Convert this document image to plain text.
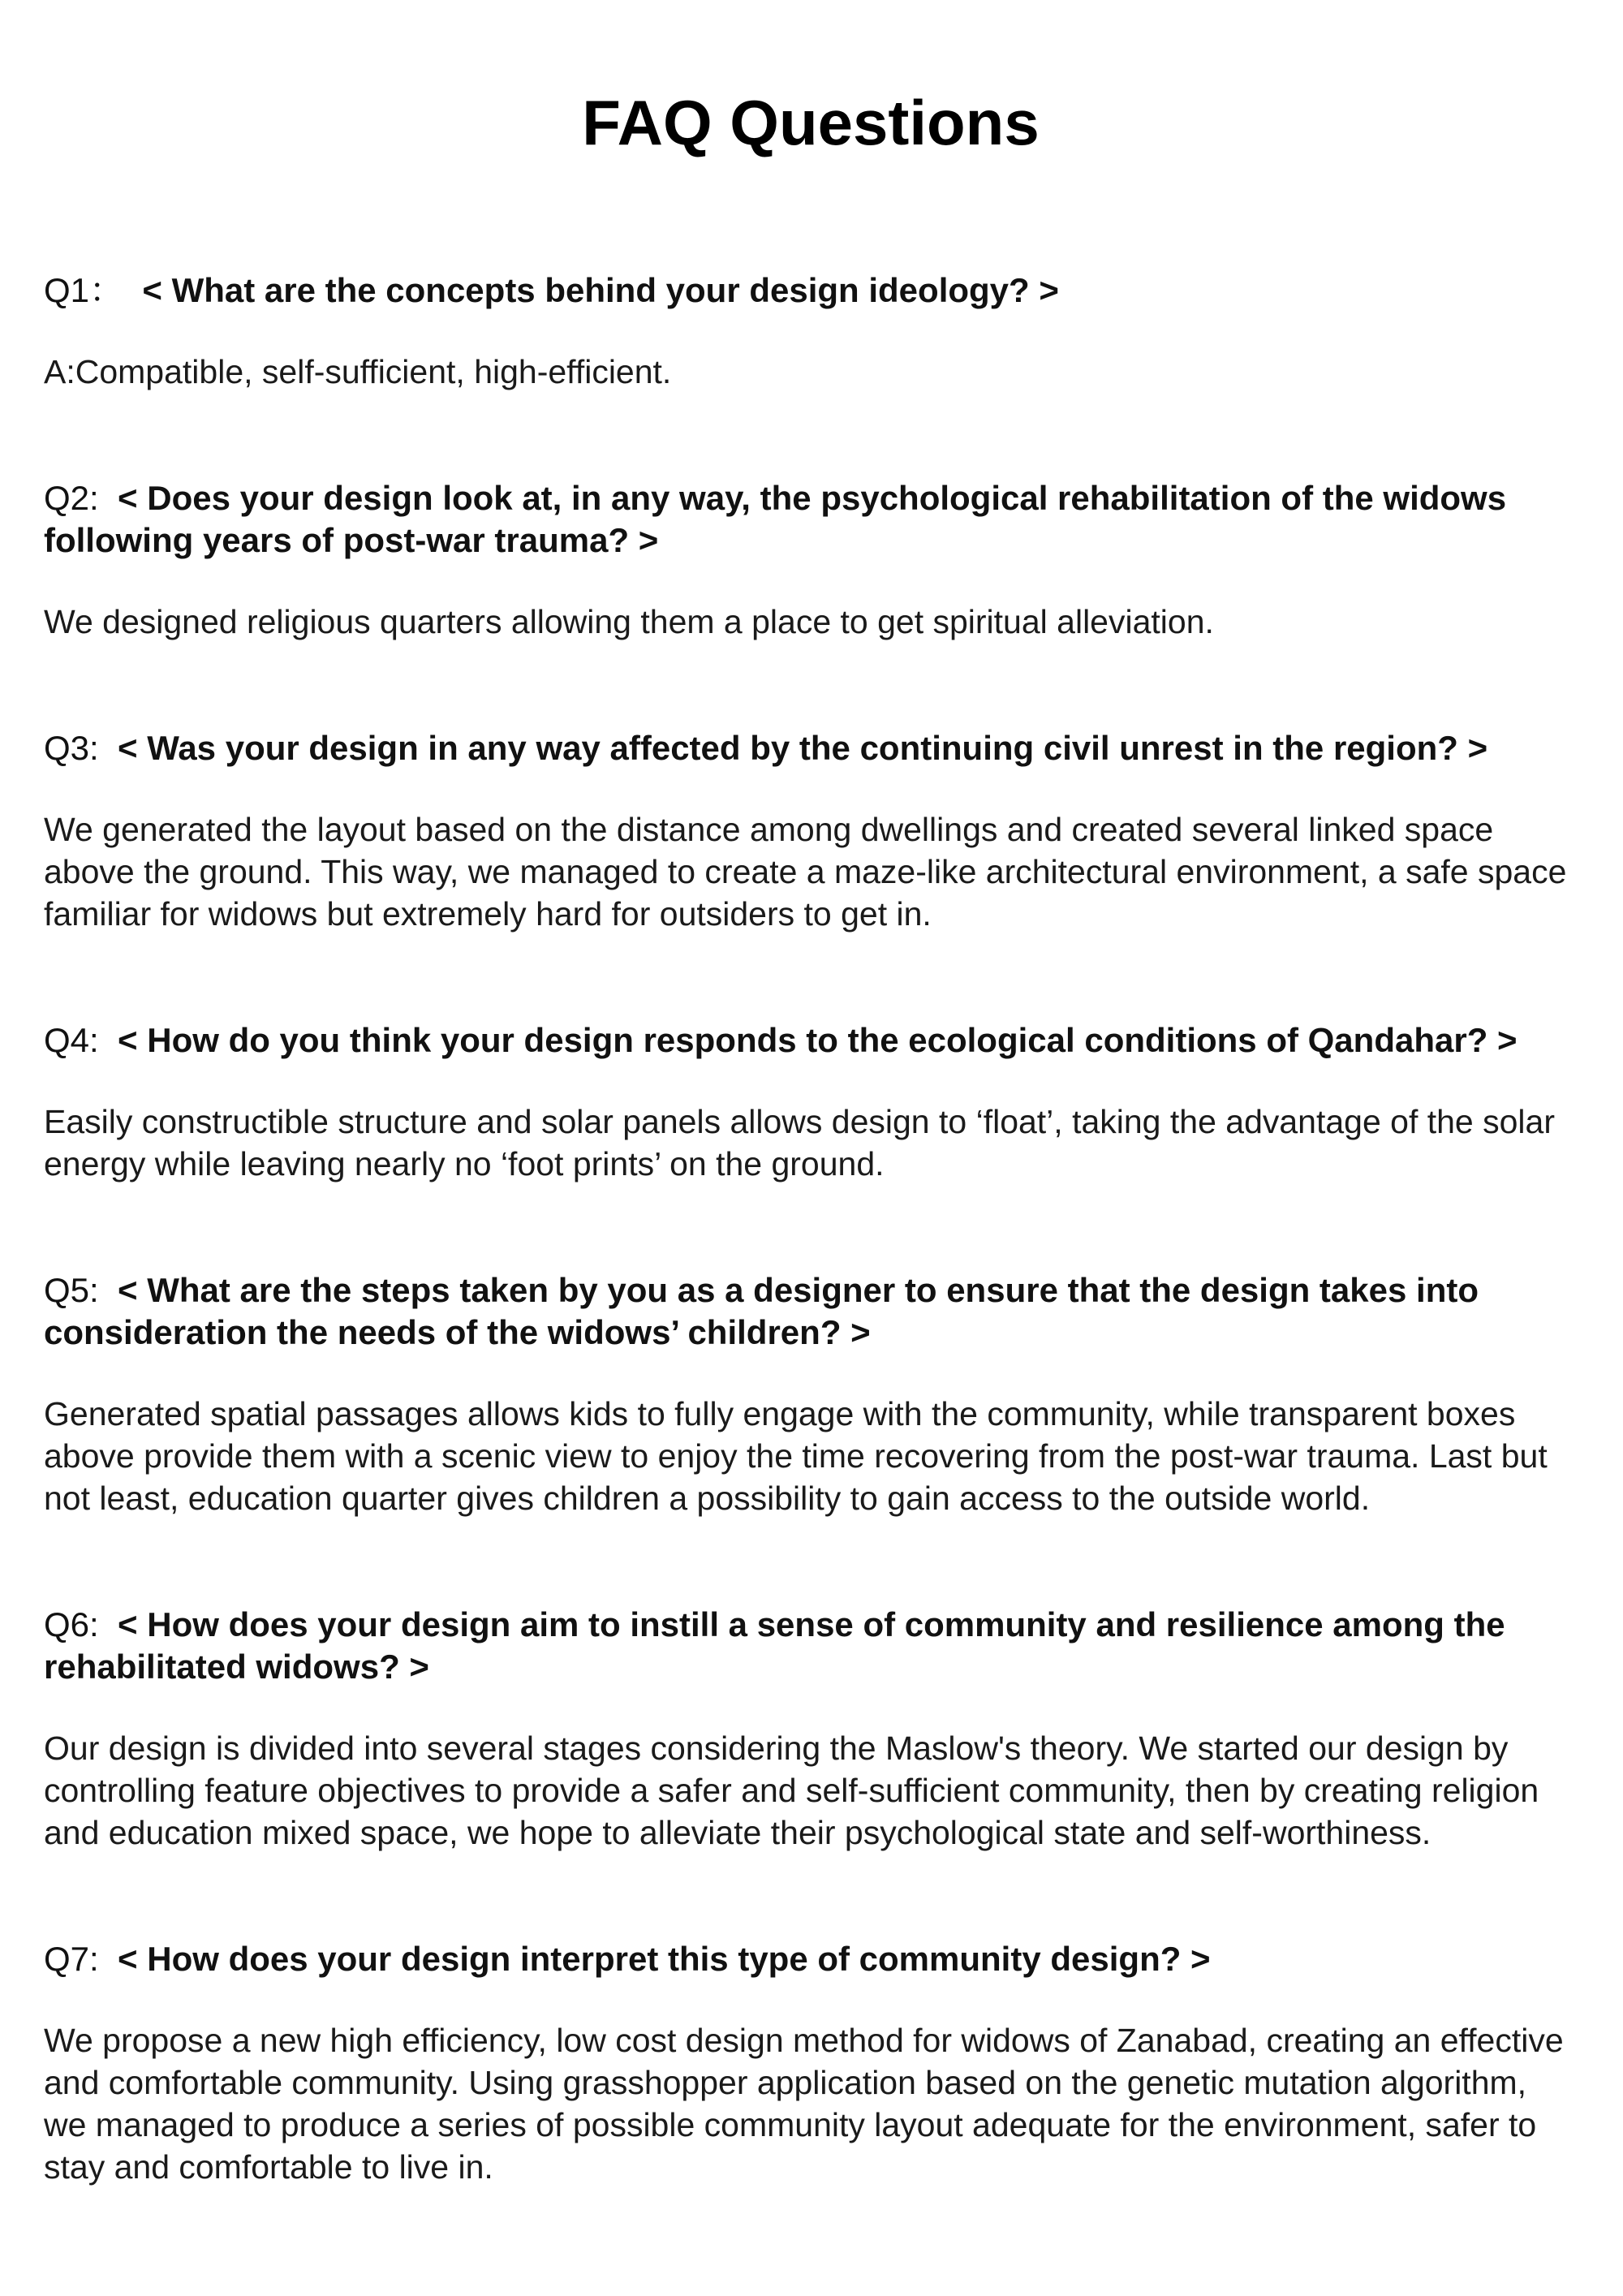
FAQ Questions

Q1： < What are the concepts behind your design ideology? >

A:Compatible, self-sufficient, high-efficient.

Q2: < Does your design look at, in any way, the psychological rehabilitation of the widows following years of post-war trauma? >

We designed religious quarters allowing them a place to get spiritual alleviation.

Q3: < Was your design in any way affected by the continuing civil unrest in the region? >

We generated the layout based on the distance among dwellings and created several linked space above the ground. This way, we managed to create a maze-like architectural environment, a safe space familiar for widows but extremely hard for outsiders to get in.

Q4: < How do you think your design responds to the ecological conditions of Qandahar? >

Easily constructible structure and solar panels allows design to ‘float’, taking the advantage of the solar energy while leaving nearly no ‘foot prints’ on the ground.

Q5: < What are the steps taken by you as a designer to ensure that the design takes into consideration the needs of the widows’ children? >

Generated spatial passages allows kids to fully engage with the community, while transparent boxes above provide them with a scenic view to enjoy the time recovering from the post-war trauma. Last but not least, education quarter gives children a possibility to gain access to the outside world.

Q6: < How does your design aim to instill a sense of community and resilience among the rehabilitated widows? >

Our design is divided into several stages considering the Maslow's theory. We started our design by controlling feature objectives to provide a safer and self-sufficient community, then by creating religion and education mixed space, we hope to alleviate their psychological state and self-worthiness.

Q7: < How does your design interpret this type of community design? >

We propose a new high efficiency, low cost design method for widows of Zanabad, creating an effective and comfortable community. Using grasshopper application based on the genetic mutation algorithm, we managed to produce a series of possible community layout adequate for the environment, safer to stay and comfortable to live in.
